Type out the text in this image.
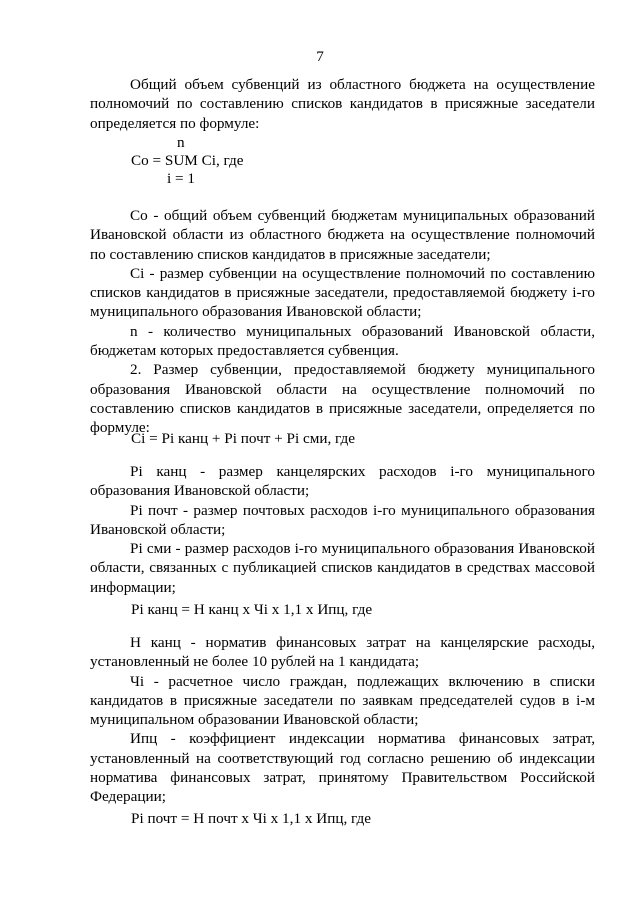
7

Общий объем субвенций из областного бюджета на осуществление полномочий по составлению списков кандидатов в присяжные заседатели определяется по формуле:

n
Co = SUM Ci, где
i = 1

Co - общий объем субвенций бюджетам муниципальных образований Ивановской области из областного бюджета на осуществление полномочий по составлению списков кандидатов в присяжные заседатели;

Ci - размер субвенции на осуществление полномочий по составлению списков кандидатов в присяжные заседатели, предоставляемой бюджету i-го муниципального образования Ивановской области;

n - количество муниципальных образований Ивановской области, бюджетам которых предоставляется субвенция.

2. Размер субвенции, предоставляемой бюджету муниципального образования Ивановской области на осуществление полномочий по составлению списков кандидатов в присяжные заседатели, определяется по формуле:

Ci = Pi канц + Pi почт + Pi сми, где

Pi канц - размер канцелярских расходов i-го муниципального образования Ивановской области;

Pi почт - размер почтовых расходов i-го муниципального образования Ивановской области;

Pi сми - размер расходов i-го муниципального образования Ивановской области, связанных с публикацией списков кандидатов в средствах массовой информации;

Pi канц = Н канц х Чi х 1,1 х Ипц, где

Н канц - норматив финансовых затрат на канцелярские расходы, установленный не более 10 рублей на 1 кандидата;

Чi - расчетное число граждан, подлежащих включению в списки кандидатов в присяжные заседатели по заявкам председателей судов в i-м муниципальном образовании Ивановской области;

Ипц - коэффициент индексации норматива финансовых затрат, установленный на соответствующий год согласно решению об индексации норматива финансовых затрат, принятому Правительством Российской Федерации;

Pi почт = Н почт х Чi х 1,1 х Ипц, где
